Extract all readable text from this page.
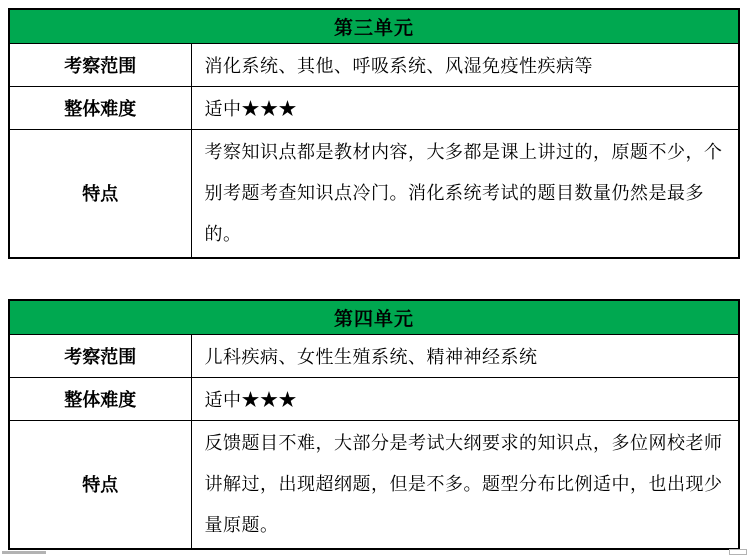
第三单元	
考察范围	消化系统、其他、呼吸系统、风湿免疫性疾病等
整体难度	适中★★★
特点	考察知识点都是教材内容，大多都是课上讲过的，原题不少，个别考题考查知识点冷门。消化系统考试的题目数量仍然是最多的。
第四单元	
考察范围	儿科疾病、女性生殖系统、精神神经系统
整体难度	适中★★★
特点	反馈题目不难，大部分是考试大纲要求的知识点，多位网校老师讲解过，出现超纲题，但是不多。题型分布比例适中，也出现少量原题。
